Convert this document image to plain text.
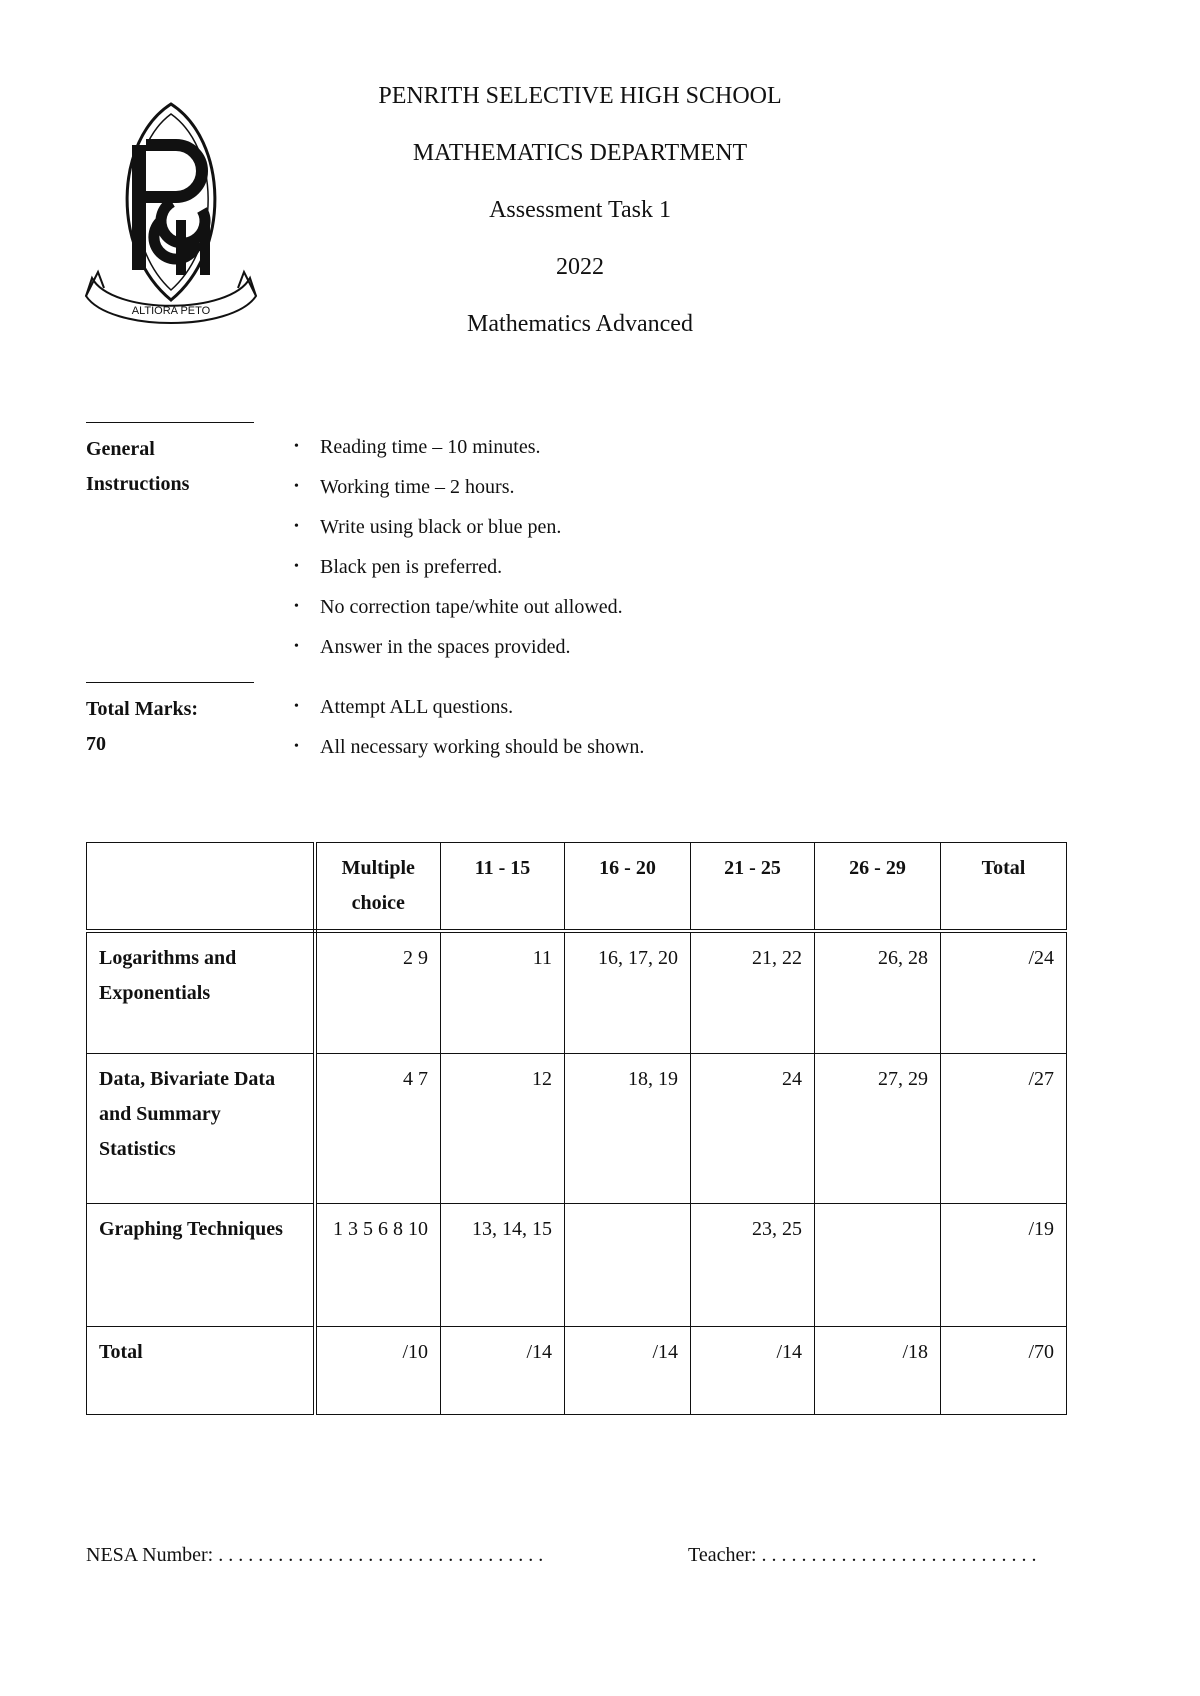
ALTIORA PETO
PENRITH SELECTIVE HIGH SCHOOL
MATHEMATICS DEPARTMENT
Assessment Task 1
2022
Mathematics Advanced
General
Instructions
• Reading time – 10 minutes.
• Working time – 2 hours.
• Write using black or blue pen.
• Black pen is preferred.
• No correction tape/white out allowed.
• Answer in the spaces provided.
Total Marks:
70
• Attempt ALL questions.
• All necessary working should be shown.
	Multiple choice	11 - 15	16 - 20	21 - 25	26 - 29	Total
Logarithms and Exponentials	2 9	11	16, 17, 20	21, 22	26, 28	/24
Data, Bivariate Data and Summary Statistics	4 7	12	18, 19	24	27, 29	/27
Graphing Techniques	1 3 5 6 8 10	13, 14, 15		23, 25		/19
Total	/10	/14	/14	/14	/18	/70
NESA Number: . . . . . . . . . . . . . . . . . . . . . . . . . . . . . . . . .	Teacher: . . . . . . . . . . . . . . . . . . . . . . . . . . . .
